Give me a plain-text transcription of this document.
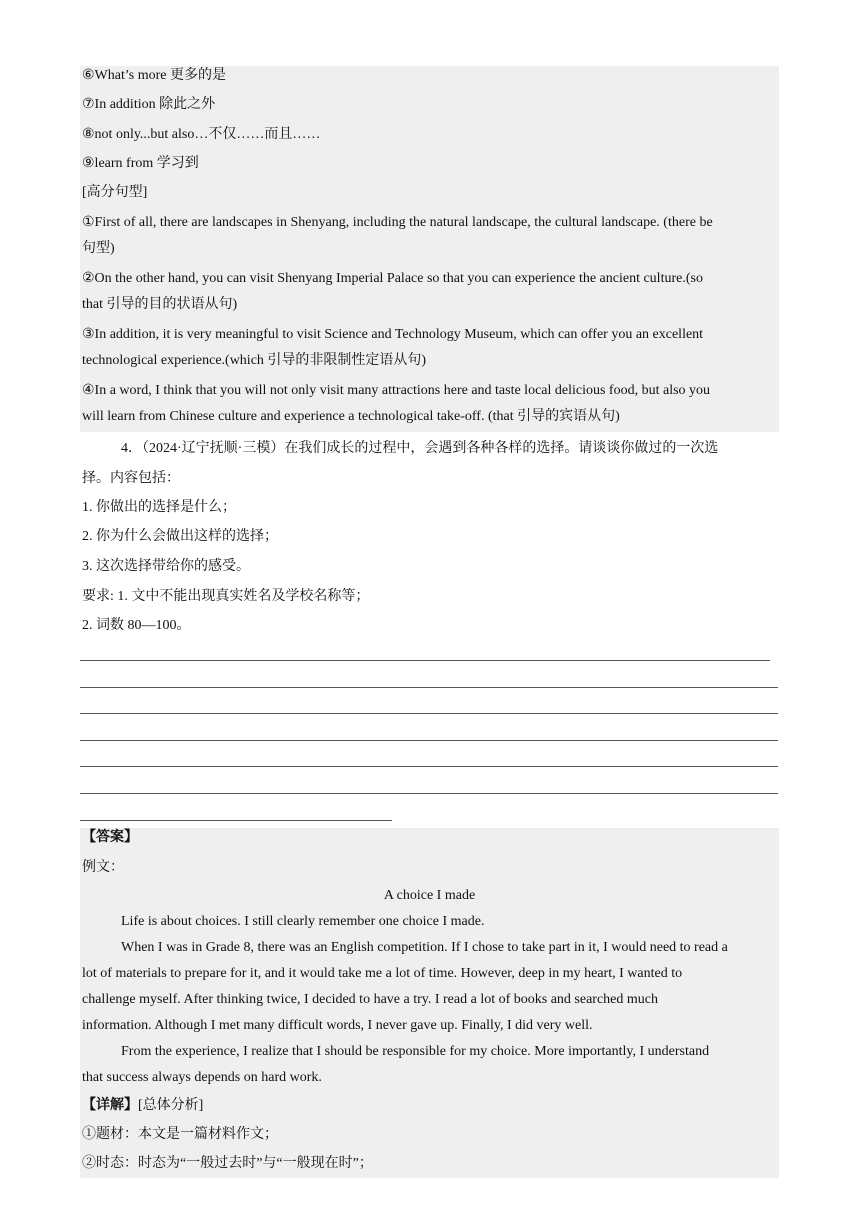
⑥What’s more 更多的是
⑦In addition 除此之外
⑧not only...but also…不仅……而且……
⑨learn from 学习到
[高分句型]
①First of all, there are landscapes in Shenyang, including the natural landscape, the cultural landscape. (there be
句型)
②On the other hand, you can visit Shenyang Imperial Palace so that you can experience the ancient culture.(so
that 引导的目的状语从句)
③In addition, it is very meaningful to visit Science and Technology Museum, which can offer you an excellent
technological experience.(which 引导的非限制性定语从句)
④In a word, I think that you will not only visit many attractions here and taste local delicious food, but also you
will learn from Chinese culture and experience a technological take-off. (that 引导的宾语从句)
4．（2024·辽宁抚顺·三模）在我们成长的过程中，会遇到各种各样的选择。请谈谈你做过的一次选
择。内容包括：
1. 你做出的选择是什么；
2. 你为什么会做出这样的选择；
3. 这次选择带给你的感受。
要求: 1. 文中不能出现真实姓名及学校名称等；
2. 词数 80—100。
【答案】
例文：
A choice I made
Life is about choices. I still clearly remember one choice I made.
When I was in Grade 8, there was an English competition. If I chose to take part in it, I would need to read a
lot of materials to prepare for it, and it would take me a lot of time. However, deep in my heart, I wanted to
challenge myself. After thinking twice, I decided to have a try. I read a lot of books and searched much
information. Although I met many difficult words, I never gave up. Finally, I did very well.
From the experience, I realize that I should be responsible for my choice. More importantly, I understand
that success always depends on hard work.
【详解】[总体分析]
①题材：本文是一篇材料作文；
②时态：时态为“一般过去时”与“一般现在时”；
